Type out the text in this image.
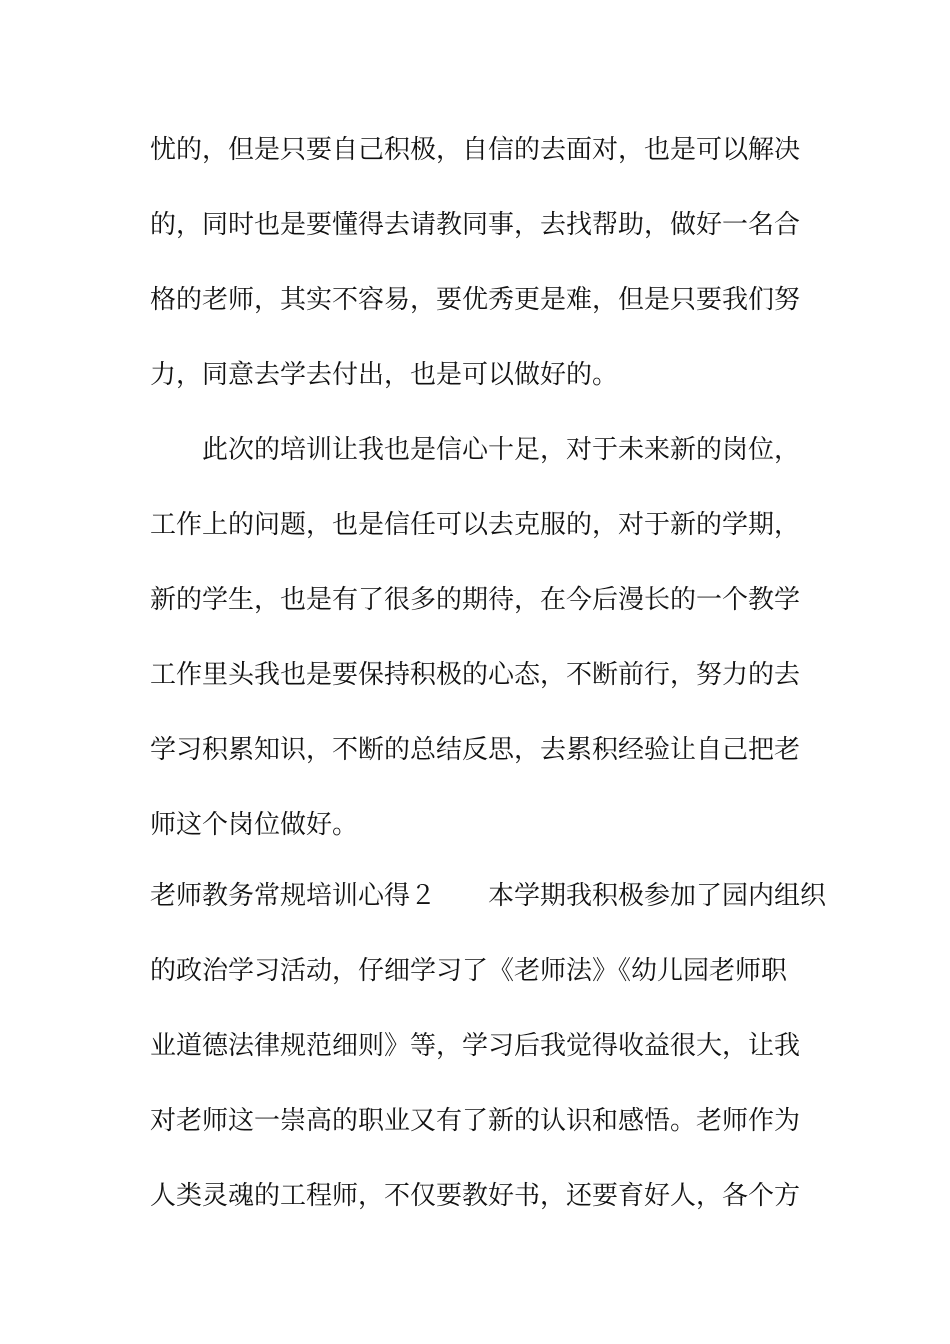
忧的，但是只要自己积极，自信的去面对，也是可以解决
的，同时也是要懂得去请教同事，去找帮助，做好一名合
格的老师，其实不容易，要优秀更是难，但是只要我们努
力，同意去学去付出，也是可以做好的。
　　此次的培训让我也是信心十足，对于未来新的岗位，
工作上的问题，也是信任可以去克服的，对于新的学期，
新的学生，也是有了很多的期待，在今后漫长的一个教学
工作里头我也是要保持积极的心态，不断前行，努力的去
学习积累知识，不断的总结反思，去累积经验让自己把老
师这个岗位做好。
老师教务常规培训心得２　　本学期我积极参加了园内组织
的政治学习活动，仔细学习了《老师法》《幼儿园老师职
业道德法律规范细则》等，学习后我觉得收益很大，让我
对老师这一崇高的职业又有了新的认识和感悟。老师作为
人类灵魂的工程师，不仅要教好书，还要育好人，各个方
